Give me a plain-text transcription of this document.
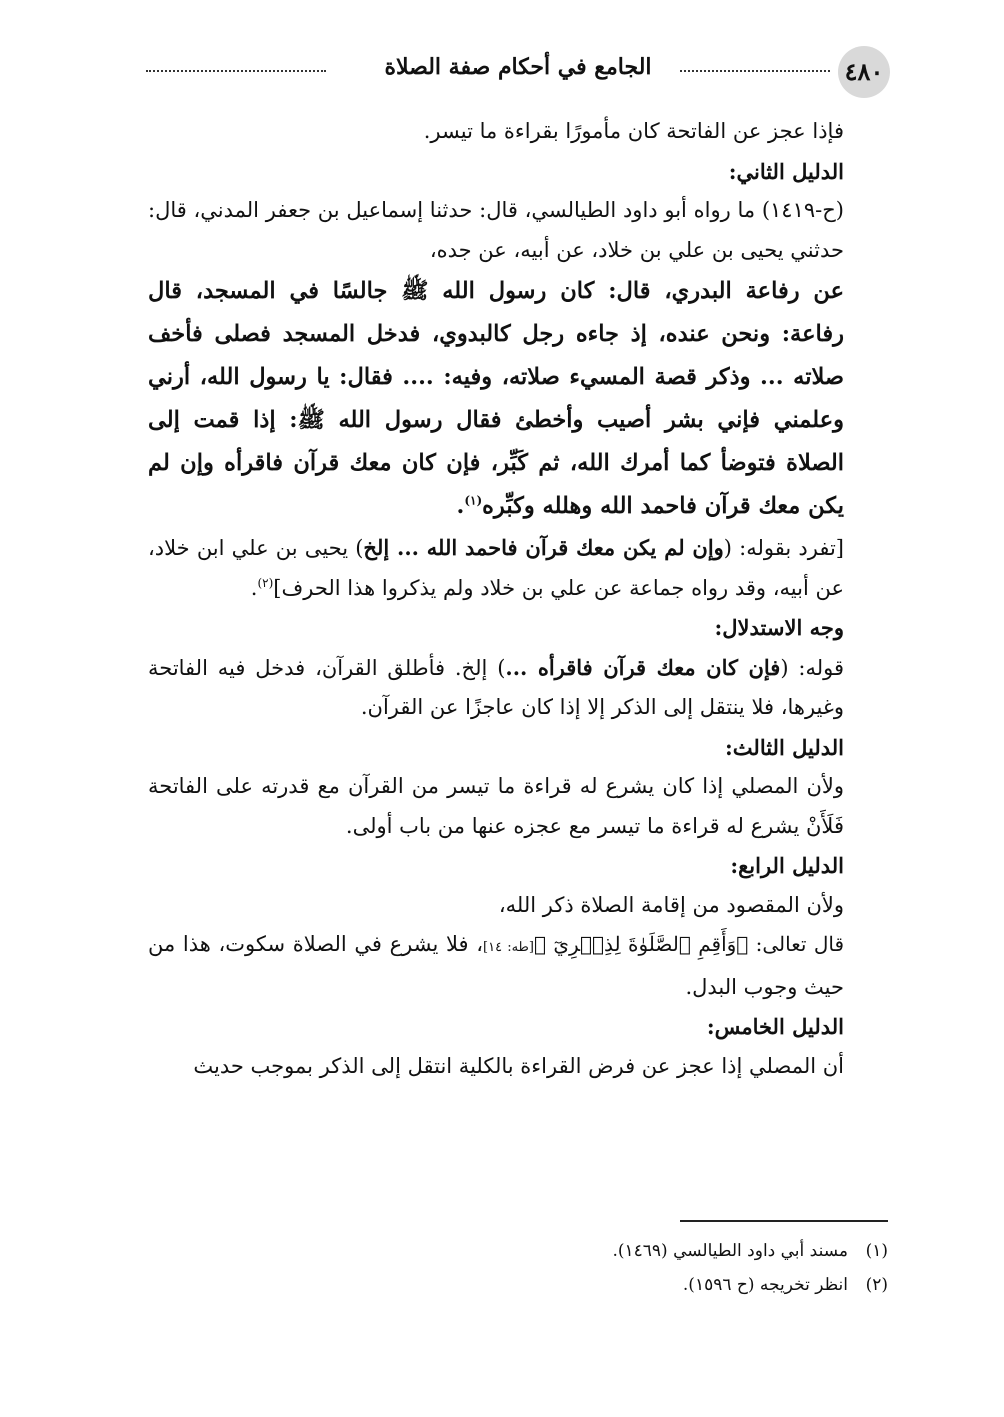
٤٨٠
الجامع في أحكام صفة الصلاة

فإذا عجز عن الفاتحة كان مأمورًا بقراءة ما تيسر.

الدليل الثاني:

(ح-١٤١٩) ما رواه أبو داود الطيالسي، قال: حدثنا إسماعيل بن جعفر المدني، قال: حدثني يحيى بن علي بن خلاد، عن أبيه، عن جده،

عن رفاعة البدري، قال: كان رسول الله ﷺ جالسًا في المسجد، قال رفاعة: ونحن عنده، إذ جاءه رجل كالبدوي، فدخل المسجد فصلى فأخف صلاته ... وذكر قصة المسيء صلاته، وفيه: .... فقال: يا رسول الله، أرني وعلمني فإني بشر أصيب وأخطئ فقال رسول الله ﷺ: إذا قمت إلى الصلاة فتوضأ كما أمرك الله، ثم كَبِّر، فإن كان معك قرآن فاقرأه وإن لم يكن معك قرآن فاحمد الله وهلله وكبِّره$^{(١)}$.

[تفرد بقوله: (وإن لم يكن معك قرآن فاحمد الله ... إلخ) يحيى بن علي ابن خلاد، عن أبيه، وقد رواه جماعة عن علي بن خلاد ولم يذكروا هذا الحرف]$^{(٢)}$.

وجه الاستدلال:

قوله: (فإن كان معك قرآن فاقرأه ...) إلخ. فأطلق القرآن، فدخل فيه الفاتحة وغيرها، فلا ينتقل إلى الذكر إلا إذا كان عاجزًا عن القرآن.

الدليل الثالث:

ولأن المصلي إذا كان يشرع له قراءة ما تيسر من القرآن مع قدرته على الفاتحة فَلَأَنْ يشرع له قراءة ما تيسر مع عجزه عنها من باب أولى.

الدليل الرابع:

ولأن المقصود من إقامة الصلاة ذكر الله،

قال تعالى: ﴿وَأَقِمِ ٱلصَّلَوٰةَ لِذِكۡرِيٓ ﴾[طه: ١٤]، فلا يشرع في الصلاة سكوت، هذا من حيث وجوب البدل.

الدليل الخامس:

أن المصلي إذا عجز عن فرض القراءة بالكلية انتقل إلى الذكر بموجب حديث

(١)مسند أبي داود الطيالسي (١٤٦٩).
(٢)انظر تخريجه (ح ١٥٩٦).
